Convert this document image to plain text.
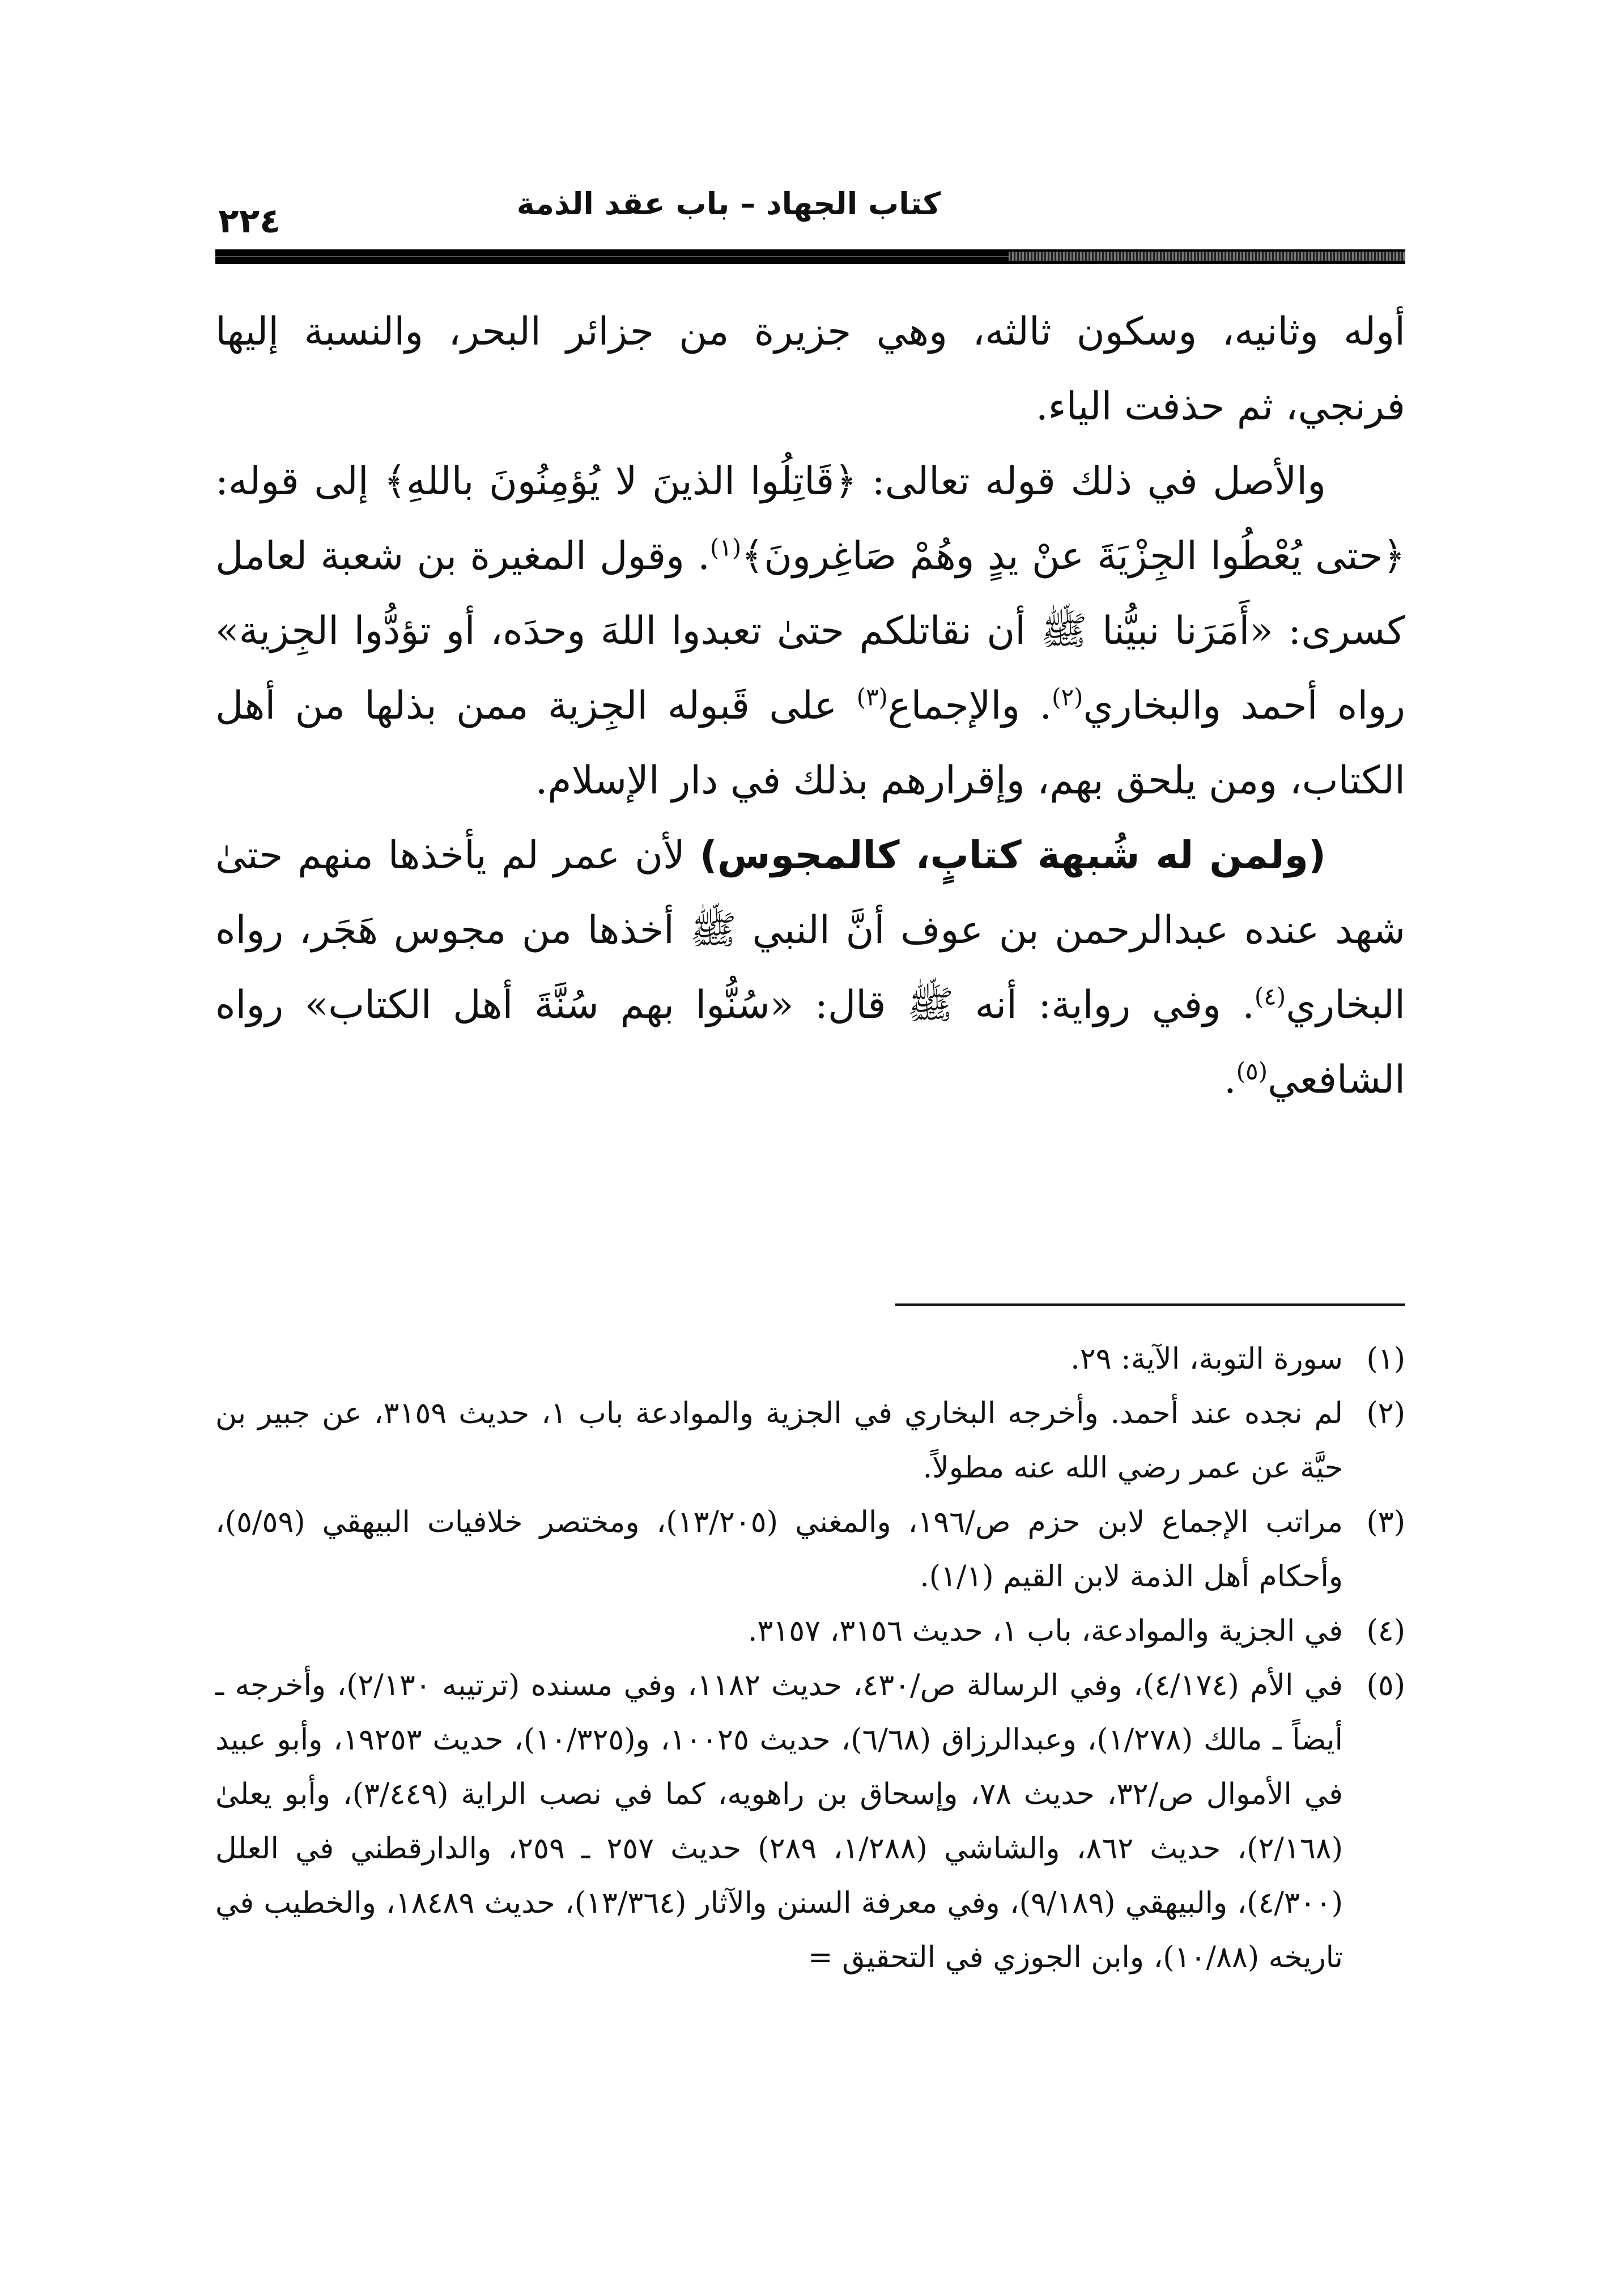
كتاب الجهاد – باب عقد الذمة
٢٢٤

أوله وثانيه، وسكون ثالثه، وهي جزيرة من جزائر البحر، والنسبة إليها فرنجي، ثم حذفت الياء.

والأصل في ذلك قوله تعالى: ﴿قَاتِلُوا الذينَ لا يُؤمِنُونَ باللهِ﴾ إلى قوله: ﴿حتى يُعْطُوا الجِزْيَةَ عنْ يدٍ وهُمْ صَاغِرونَ﴾$^{(١)}$. وقول المغيرة بن شعبة لعامل كسرى: «أَمَرَنا نبيُّنا ﷺ أن نقاتلكم حتىٰ تعبدوا اللهَ وحدَه، أو تؤدُّوا الجِزية» رواه أحمد والبخاري$^{(٢)}$. والإجماع$^{(٣)}$ على قَبوله الجِزية ممن بذلها من أهل الكتاب، ومن يلحق بهم، وإقرارهم بذلك في دار الإسلام.

(ولمن له شُبهة كتابٍ، كالمجوس) لأن عمر لم يأخذها منهم حتىٰ شهد عنده عبدالرحمن بن عوف أنَّ النبي ﷺ أخذها من مجوس هَجَر، رواه البخاري$^{(٤)}$. وفي رواية: أنه ﷺ قال: «سُنُّوا بهم سُنَّةَ أهل الكتاب» رواه الشافعي$^{(٥)}$.

(١)
سورة التوبة، الآية: ٢٩.

(٢)
لم نجده عند أحمد. وأخرجه البخاري في الجزية والموادعة باب ١، حديث ٣١٥٩، عن جبير بن حيَّة عن عمر رضي الله عنه مطولاً.

(٣)
مراتب الإجماع لابن حزم ص/١٩٦، والمغني (١٣/٢٠٥)، ومختصر خلافيات البيهقي (٥/٥٩)، وأحكام أهل الذمة لابن القيم (١/١).

(٤)
في الجزية والموادعة، باب ١، حديث ٣١٥٦، ٣١٥٧.

(٥)
في الأم (٤/١٧٤)، وفي الرسالة ص/٤٣٠، حديث ١١٨٢، وفي مسنده (ترتيبه ٢/١٣٠)، وأخرجه ـ أيضاً ـ مالك (١/٢٧٨)، وعبدالرزاق (٦/٦٨)، حديث ١٠٠٢٥، و(١٠/٣٢٥)، حديث ١٩٢٥٣، وأبو عبيد في الأموال ص/٣٢، حديث ٧٨، وإسحاق بن راهويه، كما في نصب الراية (٣/٤٤٩)، وأبو يعلىٰ (٢/١٦٨)، حديث ٨٦٢، والشاشي (١/٢٨٨، ٢٨٩) حديث ٢٥٧ ـ ٢٥٩، والدارقطني في العلل (٤/٣٠٠)، والبيهقي (٩/١٨٩)، وفي معرفة السنن والآثار (١٣/٣٦٤)، حديث ١٨٤٨٩، والخطيب في تاريخه (١٠/٨٨)، وابن الجوزي في التحقيق =
